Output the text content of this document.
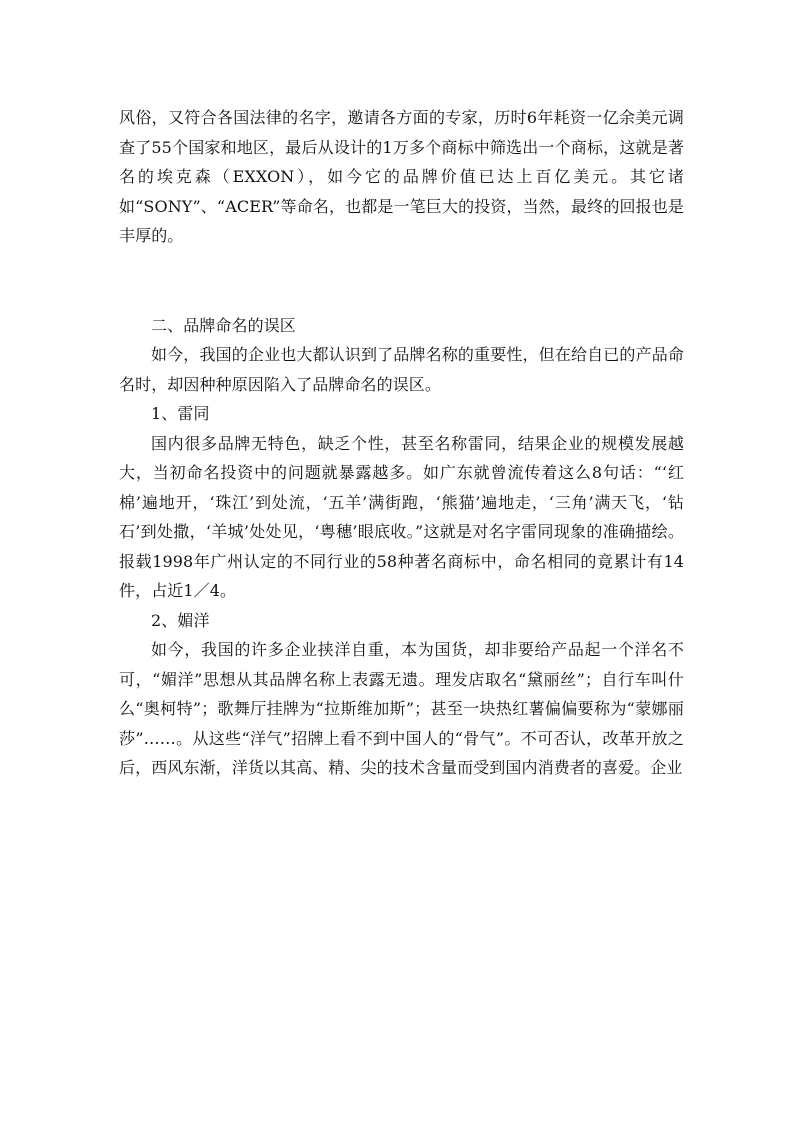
风俗，又符合各国法律的名字，邀请各方面的专家，历时6年耗资一亿余美元调查了55个国家和地区，最后从设计的1万多个商标中筛选出一个商标，这就是著名的埃克森（EXXON），如今它的品牌价值已达上百亿美元。其它诸如“SONY”、“ACER”等命名，也都是一笔巨大的投资，当然，最终的回报也是丰厚的。

二、品牌命名的误区

如今，我国的企业也大都认识到了品牌名称的重要性，但在给自已的产品命名时，却因种种原因陷入了品牌命名的误区。

1、雷同

国内很多品牌无特色，缺乏个性，甚至名称雷同，结果企业的规模发展越大，当初命名投资中的问题就暴露越多。如广东就曾流传着这么8句话：“‘红棉’遍地开，‘珠江’到处流，‘五羊’满街跑，‘熊猫’遍地走，‘三角’满天飞，‘钻石’到处撒，‘羊城’处处见，‘粤穗’眼底收。”这就是对名字雷同现象的准确描绘。报载1998年广州认定的不同行业的58种著名商标中，命名相同的竟累计有14件，占近1／4。

2、媚洋

如今，我国的许多企业挟洋自重，本为国货，却非要给产品起一个洋名不可，“媚洋”思想从其品牌名称上表露无遗。理发店取名“黛丽丝”；自行车叫什么“奥柯特”；歌舞厅挂牌为“拉斯维加斯”；甚至一块热红薯偏偏要称为“蒙娜丽莎”……。从这些“洋气”招牌上看不到中国人的“骨气”。不可否认，改革开放之后，西风东渐，洋货以其高、精、尖的技术含量而受到国内消费者的喜爱。企业
